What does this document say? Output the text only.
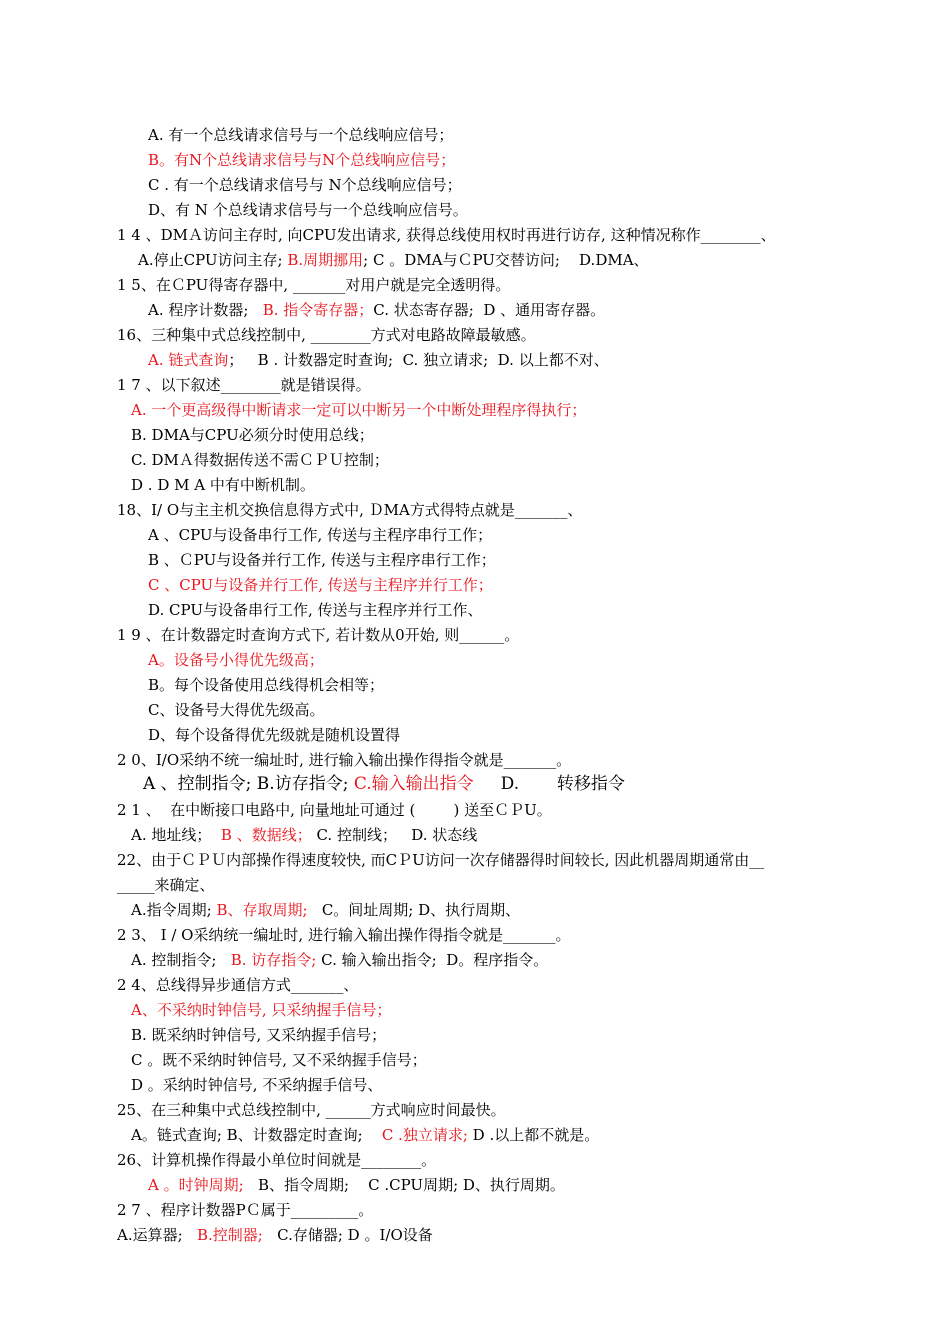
A. 有一个总线请求信号与一个总线响应信号；
B。有N个总线请求信号与N个总线响应信号；
C . 有一个总线请求信号与 N个总线响应信号；
D、有 N 个总线请求信号与一个总线响应信号。
1 4 、DMＡ访问主存时, 向CPU发出请求, 获得总线使用权时再进行访存, 这种情况称作________、
A.停止CPU访问主存; B.周期挪用; C 。DMA与ＣPU交替访问;    D.DMA、
1 5、在ＣPU得寄存器中, _______对用户就是完全透明得。
A. 程序计数器;   B. 指令寄存器；C. 状态寄存器;  D 、通用寄存器。
16、三种集中式总线控制中, ________方式对电路故障最敏感。
A. 链式查询；   B . 计数器定时查询;  C. 独立请求;  D. 以上都不对、
1 7 、以下叙述________就是错误得。
A. 一个更高级得中断请求一定可以中断另一个中断处理程序得执行；
B. DMA与CPU必须分时使用总线；
C. DMＡ得数据传送不需ＣＰＵ控制；
D . D M A 中有中断机制。
18、I/ O与主主机交换信息得方式中, ＤMA方式得特点就是_______、
A 、CPU与设备串行工作, 传送与主程序串行工作；
B 、ＣPU与设备并行工作, 传送与主程序串行工作；
C 、CPU与设备并行工作, 传送与主程序并行工作；
D. CPU与设备串行工作, 传送与主程序并行工作、
1 9 、在计数器定时查询方式下, 若计数从0开始, 则______。
A。设备号小得优先级高；
B。每个设备使用总线得机会相等；
C、设备号大得优先级高。
D、每个设备得优先级就是随机设置得
2 0、I/O采纳不统一编址时, 进行输入输出操作得指令就是_______。
A 、控制指令; B.访存指令; C.输入输出指令     D.       转移指令
2 1 、  在中断接口电路中, 向量地址可通过 (        ) 送至ＣＰU。
A. 地址线；  B 、数据线； C. 控制线；   D. 状态线
22、由于ＣＰＵ内部操作得速度较快, 而CＰU访问一次存储器得时间较长, 因此机器周期通常由__
_____来确定、
A.指令周期; B、存取周期;   C。间址周期; D、执行周期、
2 3、 I / O采纳统一编址时, 进行输入输出操作得指令就是_______。
A. 控制指令;   B. 访存指令; C. 输入输出指令;  D。程序指令。
2 4、总线得异步通信方式_______、
A、不采纳时钟信号, 只采纳握手信号；
B. 既采纳时钟信号, 又采纳握手信号；
C 。既不采纳时钟信号, 又不采纳握手信号；
D 。采纳时钟信号, 不采纳握手信号、
25、在三种集中式总线控制中, ______方式响应时间最快。
A。链式查询; B、计数器定时查询;    C .独立请求; D .以上都不就是。
26、计算机操作得最小单位时间就是________。
A 。时钟周期;   B、指令周期;    C .CPU周期; D、执行周期。
2 7 、程序计数器PＣ属于_________。
A.运算器;   B.控制器;   C.存储器; D 。I/O设备
